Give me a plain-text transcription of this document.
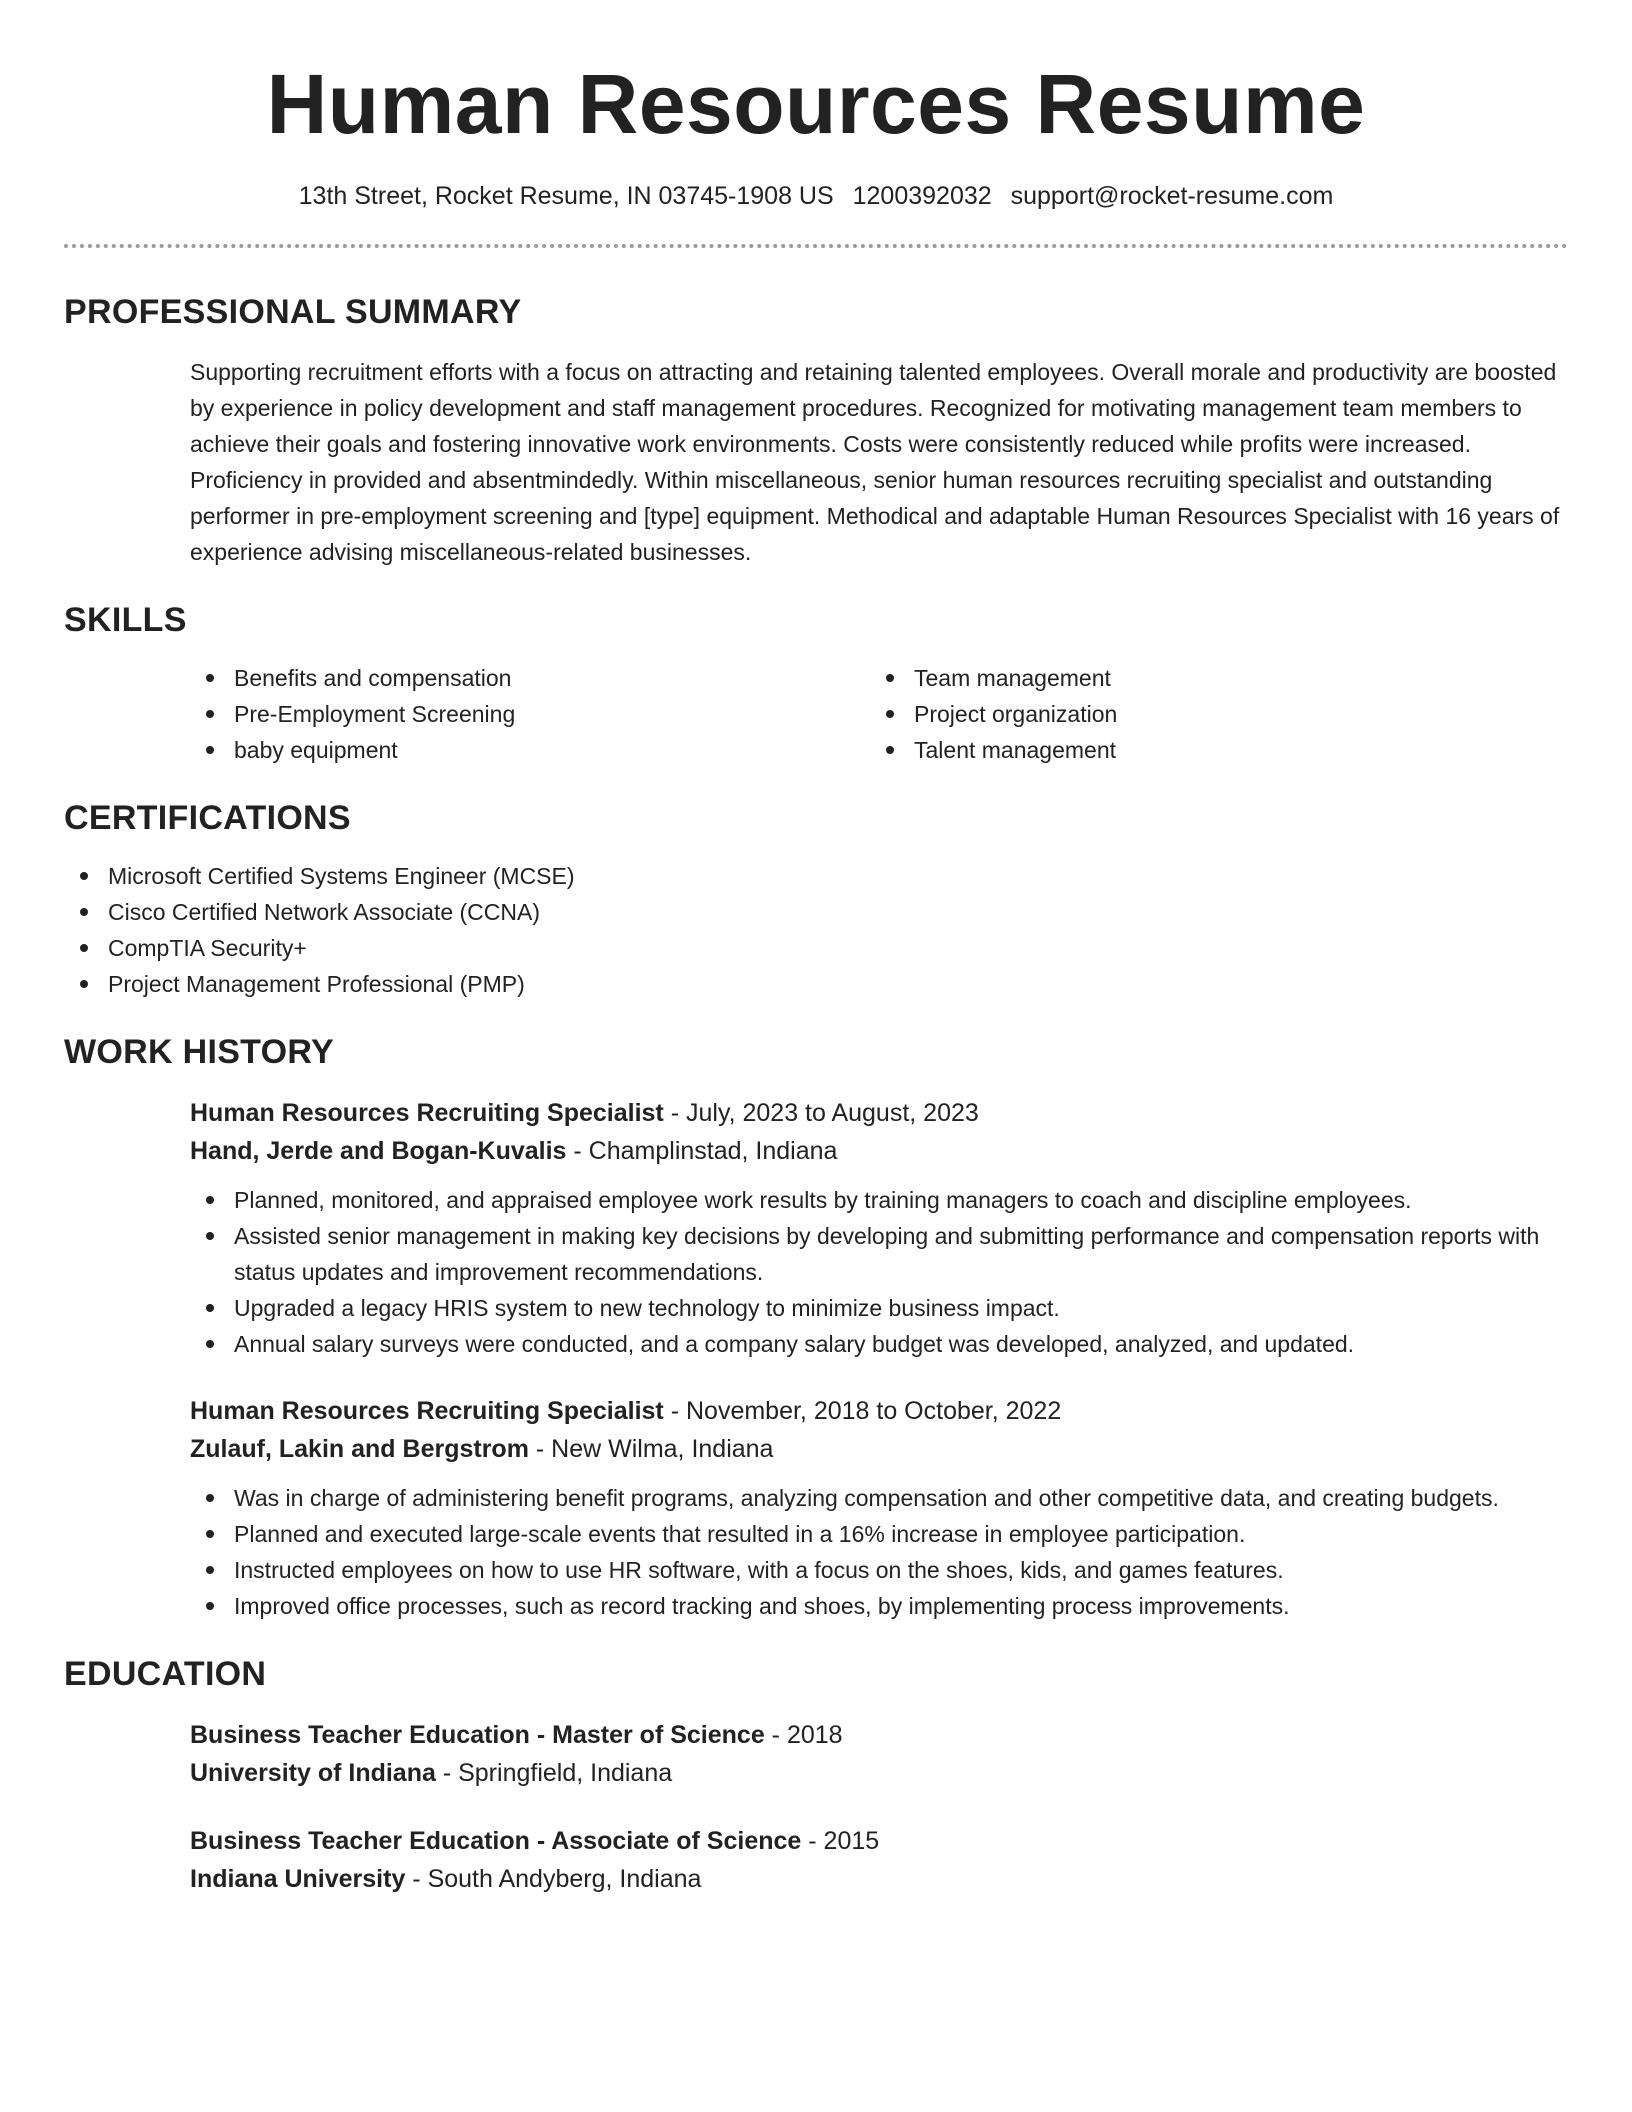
Human Resources Resume
13th Street, Rocket Resume, IN 03745-1908 US 1200392032 support@rocket-resume.com
PROFESSIONAL SUMMARY

Supporting recruitment efforts with a focus on attracting and retaining talented employees. Overall morale and productivity are boosted by experience in policy development and staff management procedures. Recognized for motivating management team members to achieve their goals and fostering innovative work environments. Costs were consistently reduced while profits were increased. Proficiency in provided and absentmindedly. Within miscellaneous, senior human resources recruiting specialist and outstanding performer in pre-employment screening and [type] equipment. Methodical and adaptable Human Resources Specialist with 16 years of experience advising miscellaneous-related businesses.

SKILLS
Benefits and compensation
Pre-Employment Screening
baby equipment
Team management
Project organization
Talent management
CERTIFICATIONS
Microsoft Certified Systems Engineer (MCSE)
Cisco Certified Network Associate (CCNA)
CompTIA Security+
Project Management Professional (PMP)
WORK HISTORY
Human Resources Recruiting Specialist - July, 2023 to August, 2023
Hand, Jerde and Bogan-Kuvalis - Champlinstad, Indiana
Planned, monitored, and appraised employee work results by training managers to coach and discipline employees.
Assisted senior management in making key decisions by developing and submitting performance and compensation reports with status updates and improvement recommendations.
Upgraded a legacy HRIS system to new technology to minimize business impact.
Annual salary surveys were conducted, and a company salary budget was developed, analyzed, and updated.
Human Resources Recruiting Specialist - November, 2018 to October, 2022
Zulauf, Lakin and Bergstrom - New Wilma, Indiana
Was in charge of administering benefit programs, analyzing compensation and other competitive data, and creating budgets.
Planned and executed large-scale events that resulted in a 16% increase in employee participation.
Instructed employees on how to use HR software, with a focus on the shoes, kids, and games features.
Improved office processes, such as record tracking and shoes, by implementing process improvements.
EDUCATION
Business Teacher Education - Master of Science - 2018
University of Indiana - Springfield, Indiana
Business Teacher Education - Associate of Science - 2015
Indiana University - South Andyberg, Indiana
